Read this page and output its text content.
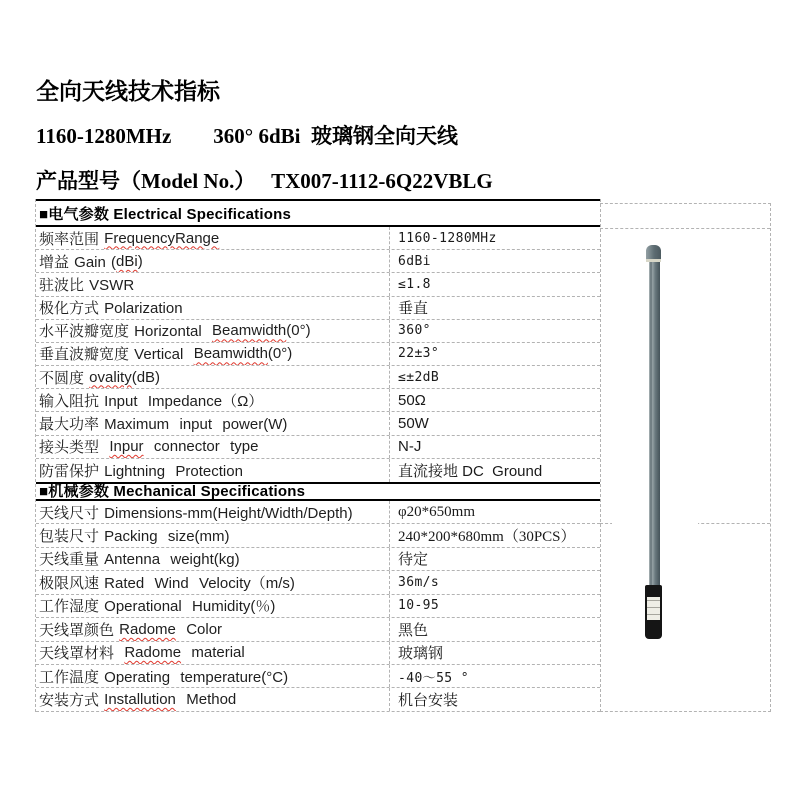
全向天线技术指标
1160-1280MHz        360° 6dBi  玻璃钢全向天线
产品型号（Model No.）   TX007-1112-6Q22VBLG
■电气参数 Electrical Specifications
频率范围 FrequencyRange	1160-1280MHz
增益 Gain ( dBi )	6dBi
驻波比 VSWR	≤1.8
极化方式 Polarization	垂直
水平波瓣宽度 Horizontal Beamwidth (0°)	360°
垂直波瓣宽度 Vertical Beamwidth (0°)	22±3°
不圆度 ovality (dB)	≤±2dB
输入阻抗 Input  Impedance（Ω）	50Ω
最大功率 Maximum  input  power(W)	50W
接头类型 Inpur connector  type	N-J
防雷保护 Lightning  Protection	直流接地 DC  Ground
■机械参数 Mechanical Specifications
天线尺寸 Dimensions-mm(Height/Width/Depth)	φ20*650mm
包装尺寸 Packing  size(mm)	240*200*680mm（30PCS）
天线重量 Antenna  weight(kg)	待定
极限风速 Rated  Wind  Velocity（m/s)	36m/s
工作湿度 Operational  Humidity(％)	10-95
天线罩颜色 Radome Color	黑色
天线罩材料 Radome material	玻璃钢
工作温度 Operating  temperature(°C)	-40～55 °
安装方式 Installution Method	机台安装
